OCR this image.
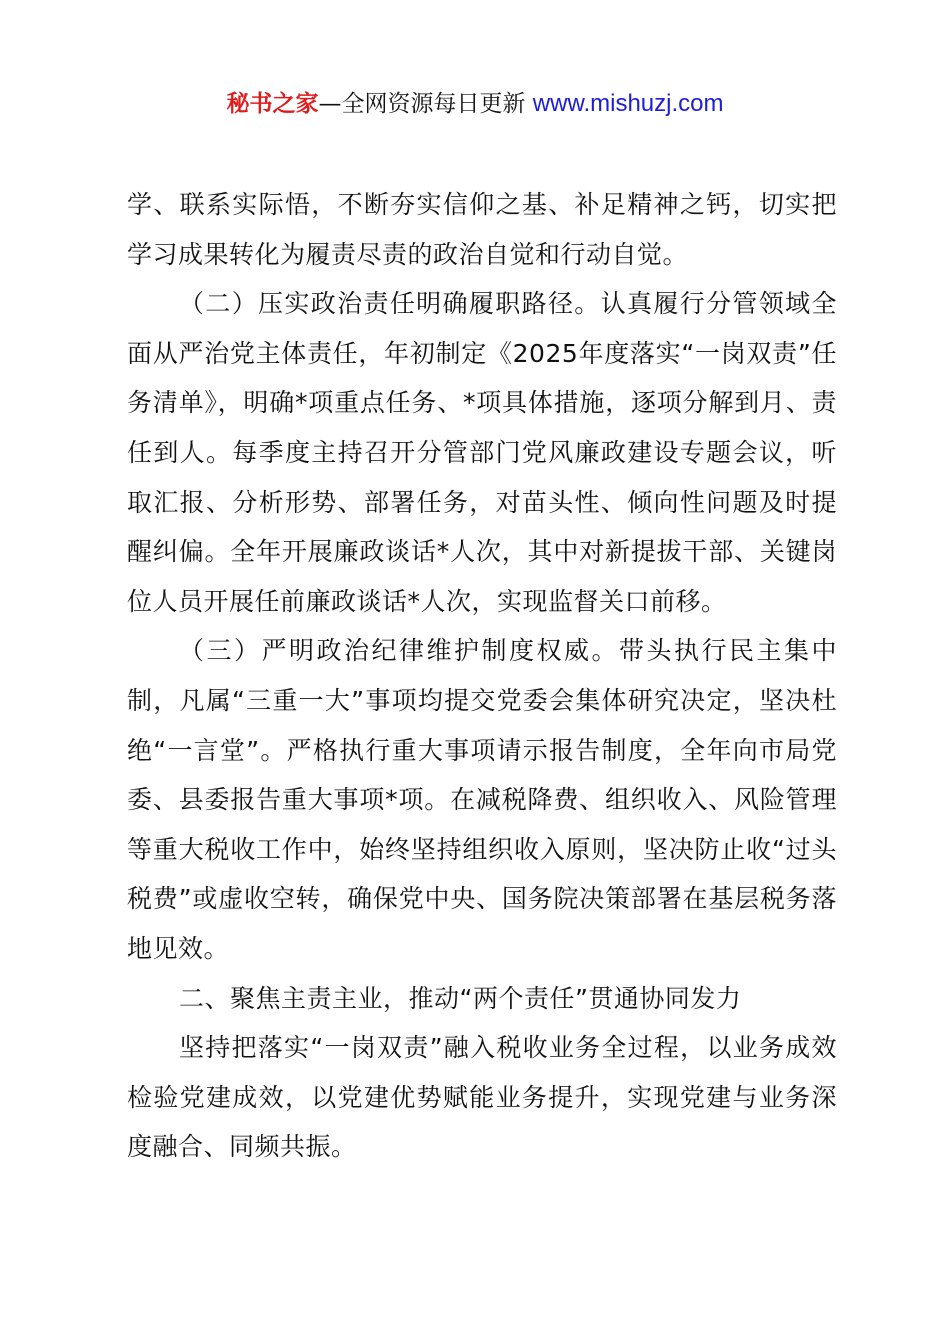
秘书之家—全网资源每日更新 www.mishuzj.com

学、联系实际悟，不断夯实信仰之基、补足精神之钙，切实把学习成果转化为履责尽责的政治自觉和行动自觉。

（二）压实政治责任明确履职路径。认真履行分管领域全面从严治党主体责任，年初制定《2025年度落实“一岗双责”任务清单》，明确*项重点任务、*项具体措施，逐项分解到月、责任到人。每季度主持召开分管部门党风廉政建设专题会议，听取汇报、分析形势、部署任务，对苗头性、倾向性问题及时提醒纠偏。全年开展廉政谈话*人次，其中对新提拔干部、关键岗位人员开展任前廉政谈话*人次，实现监督关口前移。

（三）严明政治纪律维护制度权威。带头执行民主集中制，凡属“三重一大”事项均提交党委会集体研究决定，坚决杜绝“一言堂”。严格执行重大事项请示报告制度，全年向市局党委、县委报告重大事项*项。在减税降费、组织收入、风险管理等重大税收工作中，始终坚持组织收入原则，坚决防止收“过头税费”或虚收空转，确保党中央、国务院决策部署在基层税务落地见效。

二、聚焦主责主业，推动“两个责任”贯通协同发力

坚持把落实“一岗双责”融入税收业务全过程，以业务成效检验党建成效，以党建优势赋能业务提升，实现党建与业务深度融合、同频共振。
